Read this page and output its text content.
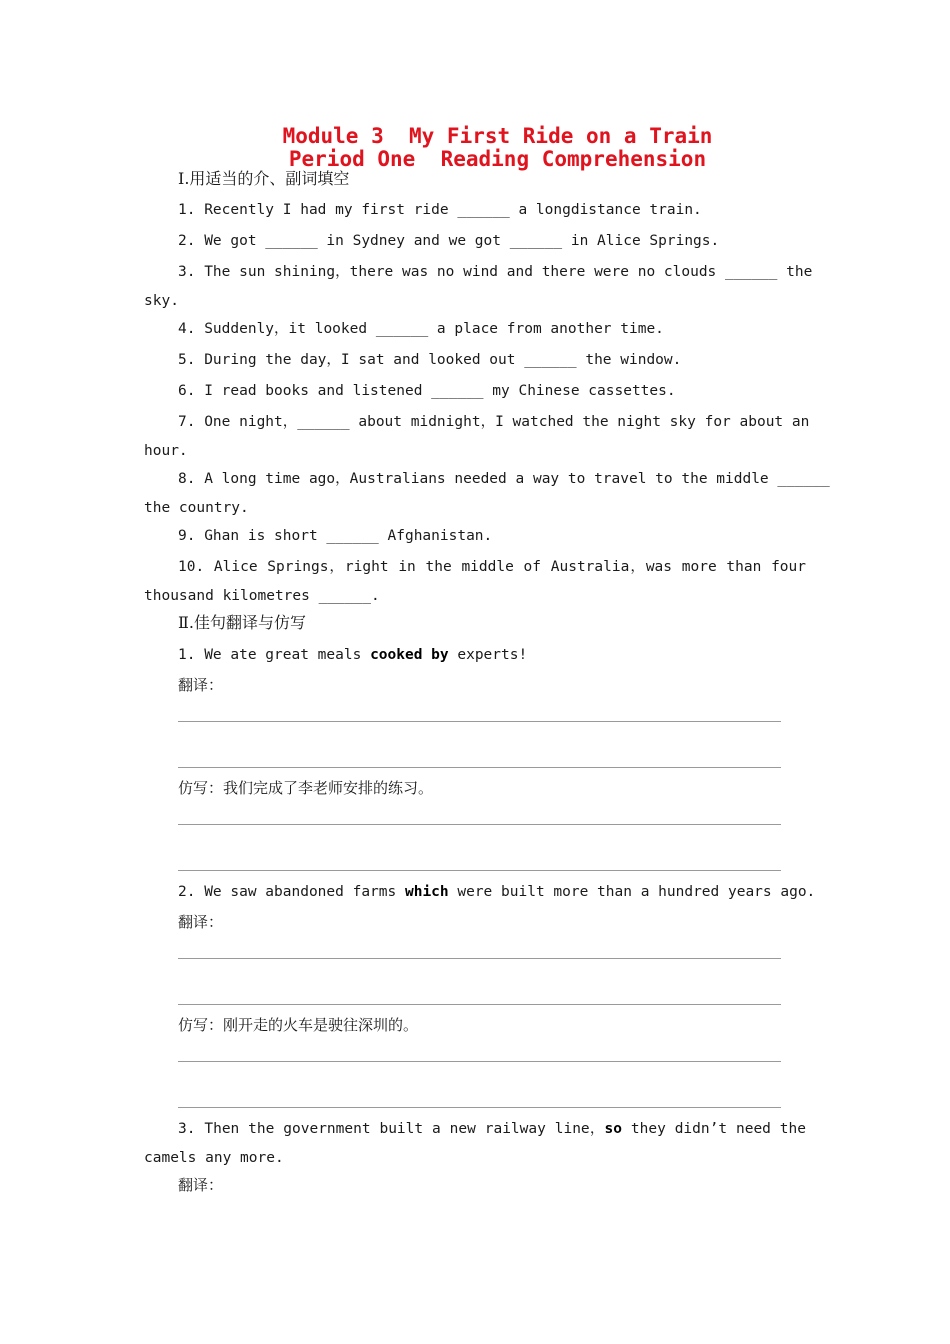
Module 3  My First Ride on a Train
Period One  Reading Comprehension
Ⅰ.用适当的介、副词填空
1. Recently I had my first ride ______ a longdistance train.
2. We got ______ in Sydney and we got ______ in Alice Springs.
3. The sun shining，there was no wind and there were no clouds ______ the
sky.
4. Suddenly，it looked ______ a place from another time.
5. During the day，I sat and looked out ______ the window.
6. I read books and listened ______ my Chinese cassettes.
7. One night，______ about midnight，I watched the night sky for about an
hour.
8. A long time ago，Australians needed a way to travel to the middle ______
the country.
9. Ghan is short ______ Afghanistan.
10. Alice Springs，right in the middle of Australia，was more than four
thousand kilometres ______.
Ⅱ.佳句翻译与仿写
1. We ate great meals cooked by experts!
翻译：
仿写：我们完成了李老师安排的练习。
2. We saw abandoned farms which were built more than a hundred years ago.
翻译：
仿写：刚开走的火车是驶往深圳的。
3. Then the government built a new railway line，so they didn’t need the
camels any more.
翻译：
